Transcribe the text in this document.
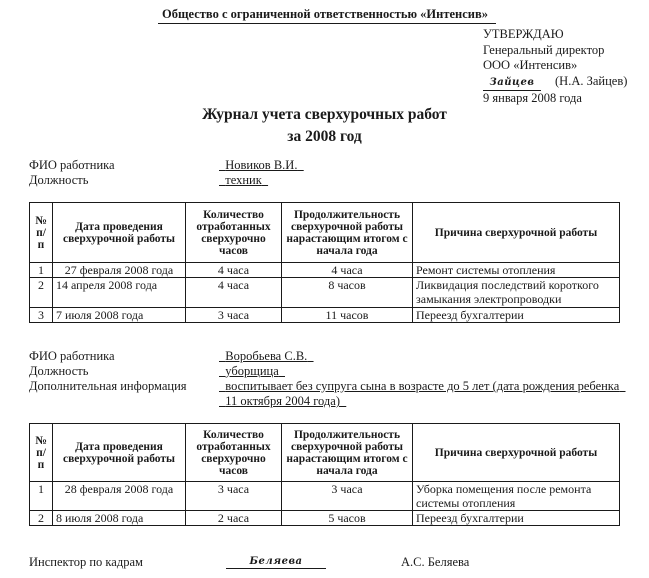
Общество с ограниченной ответственностью «Интенсив»
УТВЕРЖДАЮ
Генеральный директор
ООО «Интенсив»
Зайцев (Н.А. Зайцев)
9 января 2008 года
Журнал учета сверхурочных работ
за 2008 год
ФИО работника	Новиков В.И.
Должность	техник
№ п/п	Дата проведения сверхурочной работы	Количество отработанных сверхурочно часов	Продолжительность сверхурочной работы нарастающим итогом с начала года	Причина сверхурочной работы
1	27 февраля 2008 года	4 часа	4 часа	Ремонт системы отопления
2	14 апреля 2008 года	4 часа	8 часов	Ликвидация последствий короткого замыкания электропроводки
3	7 июля 2008 года	3 часа	11 часов	Переезд бухгалтерии
ФИО работника	Воробьева С.В.
Должность	уборщица
Дополнительная информация	воспитывает без супруга сына в возрасте до 5 лет (дата рождения ребенка
11 октября 2004 года)
№ п/п	Дата проведения сверхурочной работы	Количество отработанных сверхурочно часов	Продолжительность сверхурочной работы нарастающим итогом с начала года	Причина сверхурочной работы
1	28 февраля 2008 года	3 часа	3 часа	Уборка помещения после ремонта системы отопления
2	8 июля 2008 года	2 часа	5 часов	Переезд бухгалтерии
Инспектор по кадрам	Беляева	А.С. Беляева
